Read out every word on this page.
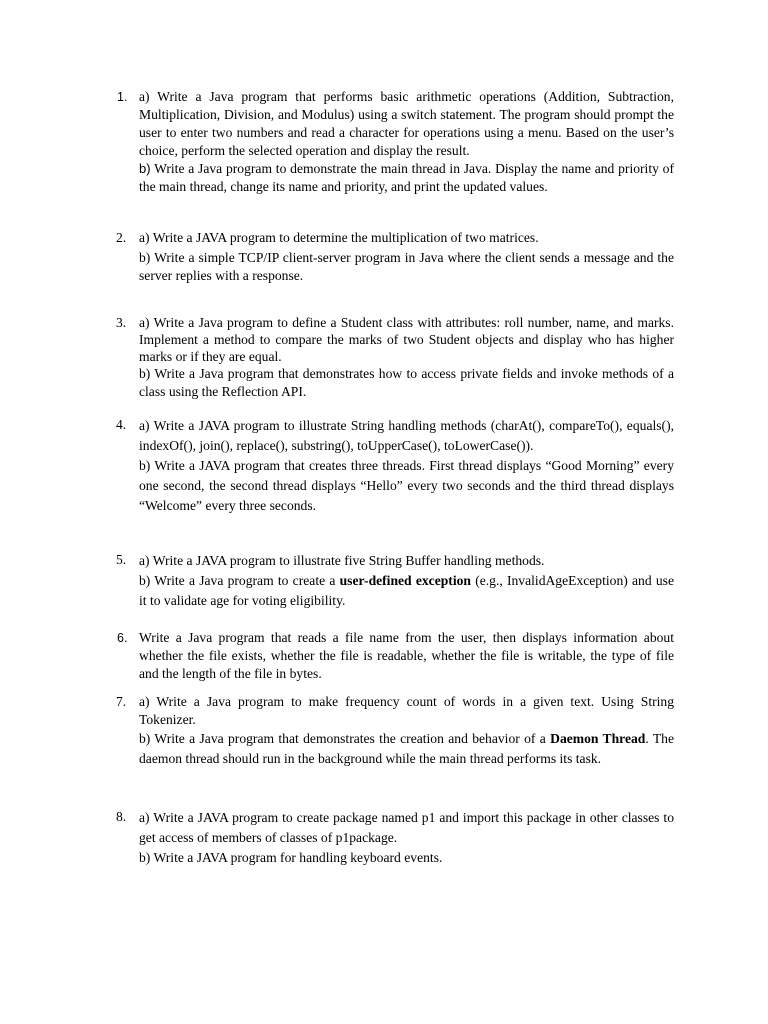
1. a) Write a Java program that performs basic arithmetic operations (Addition, Subtraction, Multiplication, Division, and Modulus) using a switch statement. The program should prompt the user to enter two numbers and read a character for operations using a menu. Based on the user’s choice, perform the selected operation and display the result.

b) Write a Java program to demonstrate the main thread in Java. Display the name and priority of the main thread, change its name and priority, and print the updated values.

2. a) Write a JAVA program to determine the multiplication of two matrices.

b) Write a simple TCP/IP client-server program in Java where the client sends a message and the server replies with a response.

3. a) Write a Java program to define a Student class with attributes: roll number, name, and marks. Implement a method to compare the marks of two Student objects and display who has higher marks or if they are equal.

b) Write a Java program that demonstrates how to access private fields and invoke methods of a class using the Reflection API.

4. a) Write a JAVA program to illustrate String handling methods (charAt(), compareTo(), equals(), indexOf(), join(), replace(), substring(), toUpperCase(), toLowerCase()).

b) Write a JAVA program that creates three threads. First thread displays “Good Morning” every one second, the second thread displays “Hello” every two seconds and the third thread displays “Welcome” every three seconds.

5. a) Write a JAVA program to illustrate five String Buffer handling methods.

b) Write a Java program to create a user-defined exception (e.g., InvalidAgeException) and use it to validate age for voting eligibility.

6. Write a Java program that reads a file name from the user, then displays information about whether the file exists, whether the file is readable, whether the file is writable, the type of file and the length of the file in bytes.

7. a) Write a Java program to make frequency count of words in a given text. Using String Tokenizer.

b) Write a Java program that demonstrates the creation and behavior of a Daemon Thread. The daemon thread should run in the background while the main thread performs its task.

8. a) Write a JAVA program to create package named p1 and import this package in other classes to get access of members of classes of p1package.

b) Write a JAVA program for handling keyboard events.
